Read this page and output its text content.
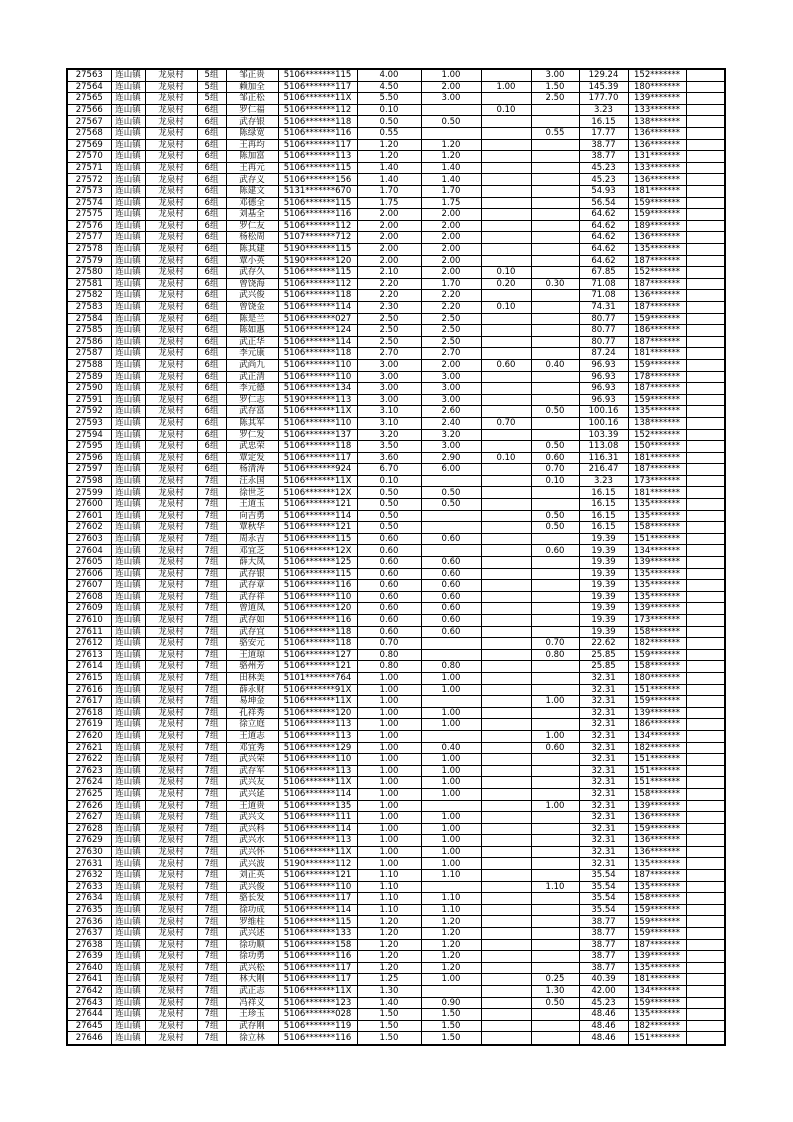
27563	连山镇	龙泉村	5组	邹正贵	5106*******115	4.00	1.00		3.00	129.24	152*******	
27564	连山镇	龙泉村	5组	赖加全	5106*******117	4.50	2.00	1.00	1.50	145.39	180*******	
27565	连山镇	龙泉村	5组	邹正松	5106*******11X	5.50	3.00		2.50	177.70	139*******	
27566	连山镇	龙泉村	6组	罗仁福	5106*******112	0.10		0.10		3.23	133*******	
27567	连山镇	龙泉村	6组	武存银	5106*******118	0.50	0.50			16.15	138*******	
27568	连山镇	龙泉村	6组	陈绿宽	5106*******116	0.55			0.55	17.77	136*******	
27569	连山镇	龙泉村	6组	王再均	5106*******117	1.20	1.20			38.77	136*******	
27570	连山镇	龙泉村	6组	陈加富	5106*******113	1.20	1.20			38.77	131*******	
27571	连山镇	龙泉村	6组	王再元	5106*******115	1.40	1.40			45.23	133*******	
27572	连山镇	龙泉村	6组	武存义	5106*******156	1.40	1.40			45.23	136*******	
27573	连山镇	龙泉村	6组	陈建文	5131*******670	1.70	1.70			54.93	181*******	
27574	连山镇	龙泉村	6组	邓德全	5106*******115	1.75	1.75			56.54	159*******	
27575	连山镇	龙泉村	6组	刘基全	5106*******116	2.00	2.00			64.62	159*******	
27576	连山镇	龙泉村	6组	罗仁友	5106*******112	2.00	2.00			64.62	189*******	
27577	连山镇	龙泉村	6组	杨松周	5107*******712	2.00	2.00			64.62	136*******	
27578	连山镇	龙泉村	6组	陈其建	5190*******115	2.00	2.00			64.62	135*******	
27579	连山镇	龙泉村	6组	覃小英	5190*******120	2.00	2.00			64.62	187*******	
27580	连山镇	龙泉村	6组	武存久	5106*******115	2.10	2.00	0.10		67.85	152*******	
27581	连山镇	龙泉村	6组	曾饶海	5106*******112	2.20	1.70	0.20	0.30	71.08	187*******	
27582	连山镇	龙泉村	6组	武兴俊	5106*******118	2.20	2.20			71.08	136*******	
27583	连山镇	龙泉村	6组	曾饶金	5106*******114	2.30	2.20	0.10		74.31	187*******	
27584	连山镇	龙泉村	6组	陈是兰	5106*******027	2.50	2.50			80.77	159*******	
27585	连山镇	龙泉村	6组	陈如惠	5106*******124	2.50	2.50			80.77	186*******	
27586	连山镇	龙泉村	6组	武正华	5106*******114	2.50	2.50			80.77	187*******	
27587	连山镇	龙泉村	6组	李元康	5106*******118	2.70	2.70			87.24	181*******	
27588	连山镇	龙泉村	6组	武尚九	5106*******110	3.00	2.00	0.60	0.40	96.93	159*******	
27589	连山镇	龙泉村	6组	武正清	5106*******110	3.00	3.00			96.93	178*******	
27590	连山镇	龙泉村	6组	李元德	5106*******134	3.00	3.00			96.93	187*******	
27591	连山镇	龙泉村	6组	罗仁志	5190*******113	3.00	3.00			96.93	159*******	
27592	连山镇	龙泉村	6组	武存富	5106*******11X	3.10	2.60		0.50	100.16	135*******	
27593	连山镇	龙泉村	6组	陈其军	5106*******110	3.10	2.40	0.70		100.16	138*******	
27594	连山镇	龙泉村	6组	罗仁发	5106*******137	3.20	3.20			103.39	152*******	
27595	连山镇	龙泉村	6组	武忠荣	5106*******118	3.50	3.00		0.50	113.08	150*******	
27596	连山镇	龙泉村	6组	覃定发	5106*******117	3.60	2.90	0.10	0.60	116.31	181*******	
27597	连山镇	龙泉村	6组	杨清涛	5106*******924	6.70	6.00		0.70	216.47	187*******	
27598	连山镇	龙泉村	7组	汪永国	5106*******11X	0.10			0.10	3.23	173*******	
27599	连山镇	龙泉村	7组	徐世芝	5106*******12X	0.50	0.50			16.15	181*******	
27600	连山镇	龙泉村	7组	王道玉	5106*******121	0.50	0.50			16.15	135*******	
27601	连山镇	龙泉村	7组	向吉勇	5106*******114	0.50			0.50	16.15	135*******	
27602	连山镇	龙泉村	7组	覃秋华	5106*******121	0.50			0.50	16.15	158*******	
27603	连山镇	龙泉村	7组	周永吉	5106*******115	0.60	0.60			19.39	151*******	
27604	连山镇	龙泉村	7组	邓宜芝	5106*******12X	0.60			0.60	19.39	134*******	
27605	连山镇	龙泉村	7组	薛大凤	5106*******125	0.60	0.60			19.39	139*******	
27606	连山镇	龙泉村	7组	武存银	5106*******115	0.60	0.60			19.39	135*******	
27607	连山镇	龙泉村	7组	武存章	5106*******116	0.60	0.60			19.39	135*******	
27608	连山镇	龙泉村	7组	武存祥	5106*******110	0.60	0.60			19.39	135*******	
27609	连山镇	龙泉村	7组	曾道凤	5106*******120	0.60	0.60			19.39	139*******	
27610	连山镇	龙泉村	7组	武存如	5106*******116	0.60	0.60			19.39	173*******	
27611	连山镇	龙泉村	7组	武存宜	5106*******118	0.60	0.60			19.39	158*******	
27612	连山镇	龙泉村	7组	骆安元	5106*******118	0.70			0.70	22.62	182*******	
27613	连山镇	龙泉村	7组	王道琼	5106*******127	0.80			0.80	25.85	159*******	
27614	连山镇	龙泉村	7组	骆州芳	5106*******121	0.80	0.80			25.85	158*******	
27615	连山镇	龙泉村	7组	田林美	5101*******764	1.00	1.00			32.31	180*******	
27616	连山镇	龙泉村	7组	薛永财	5106*******91X	1.00	1.00			32.31	151*******	
27617	连山镇	龙泉村	7组	易坤金	5106*******11X	1.00			1.00	32.31	159*******	
27618	连山镇	龙泉村	7组	孔祥秀	5106*******120	1.00	1.00			32.31	139*******	
27619	连山镇	龙泉村	7组	徐立庭	5106*******113	1.00	1.00			32.31	186*******	
27620	连山镇	龙泉村	7组	王道志	5106*******113	1.00			1.00	32.31	134*******	
27621	连山镇	龙泉村	7组	邓宜秀	5106*******129	1.00	0.40		0.60	32.31	182*******	
27622	连山镇	龙泉村	7组	武兴荣	5106*******110	1.00	1.00			32.31	151*******	
27623	连山镇	龙泉村	7组	武存军	5106*******113	1.00	1.00			32.31	151*******	
27624	连山镇	龙泉村	7组	武兴友	5106*******11X	1.00	1.00			32.31	151*******	
27625	连山镇	龙泉村	7组	武兴延	5106*******114	1.00	1.00			32.31	158*******	
27626	连山镇	龙泉村	7组	王道贵	5106*******135	1.00			1.00	32.31	139*******	
27627	连山镇	龙泉村	7组	武兴文	5106*******111	1.00	1.00			32.31	136*******	
27628	连山镇	龙泉村	7组	武兴科	5106*******114	1.00	1.00			32.31	159*******	
27629	连山镇	龙泉村	7组	武兴水	5106*******113	1.00	1.00			32.31	136*******	
27630	连山镇	龙泉村	7组	武兴怀	5106*******11X	1.00	1.00			32.31	136*******	
27631	连山镇	龙泉村	7组	武兴波	5190*******112	1.00	1.00			32.31	135*******	
27632	连山镇	龙泉村	7组	刘正英	5106*******121	1.10	1.10			35.54	187*******	
27633	连山镇	龙泉村	7组	武兴俊	5106*******110	1.10			1.10	35.54	135*******	
27634	连山镇	龙泉村	7组	骆长发	5106*******117	1.10	1.10			35.54	158*******	
27635	连山镇	龙泉村	7组	徐功成	5106*******114	1.10	1.10			35.54	159*******	
27636	连山镇	龙泉村	7组	罗维柱	5106*******115	1.20	1.20			38.77	159*******	
27637	连山镇	龙泉村	7组	武兴述	5106*******133	1.20	1.20			38.77	159*******	
27638	连山镇	龙泉村	7组	徐功顺	5106*******158	1.20	1.20			38.77	187*******	
27639	连山镇	龙泉村	7组	徐功勇	5106*******116	1.20	1.20			38.77	139*******	
27640	连山镇	龙泉村	7组	武兴松	5106*******117	1.20	1.20			38.77	135*******	
27641	连山镇	龙泉村	7组	林大刚	5106*******117	1.25	1.00		0.25	40.39	181*******	
27642	连山镇	龙泉村	7组	武正志	5106*******11X	1.30			1.30	42.00	134*******	
27643	连山镇	龙泉村	7组	冯祥义	5106*******123	1.40	0.90		0.50	45.23	159*******	
27644	连山镇	龙泉村	7组	王珍玉	5106*******028	1.50	1.50			48.46	135*******	
27645	连山镇	龙泉村	7组	武存刚	5106*******119	1.50	1.50			48.46	182*******	
27646	连山镇	龙泉村	7组	徐立林	5106*******116	1.50	1.50			48.46	151*******	
